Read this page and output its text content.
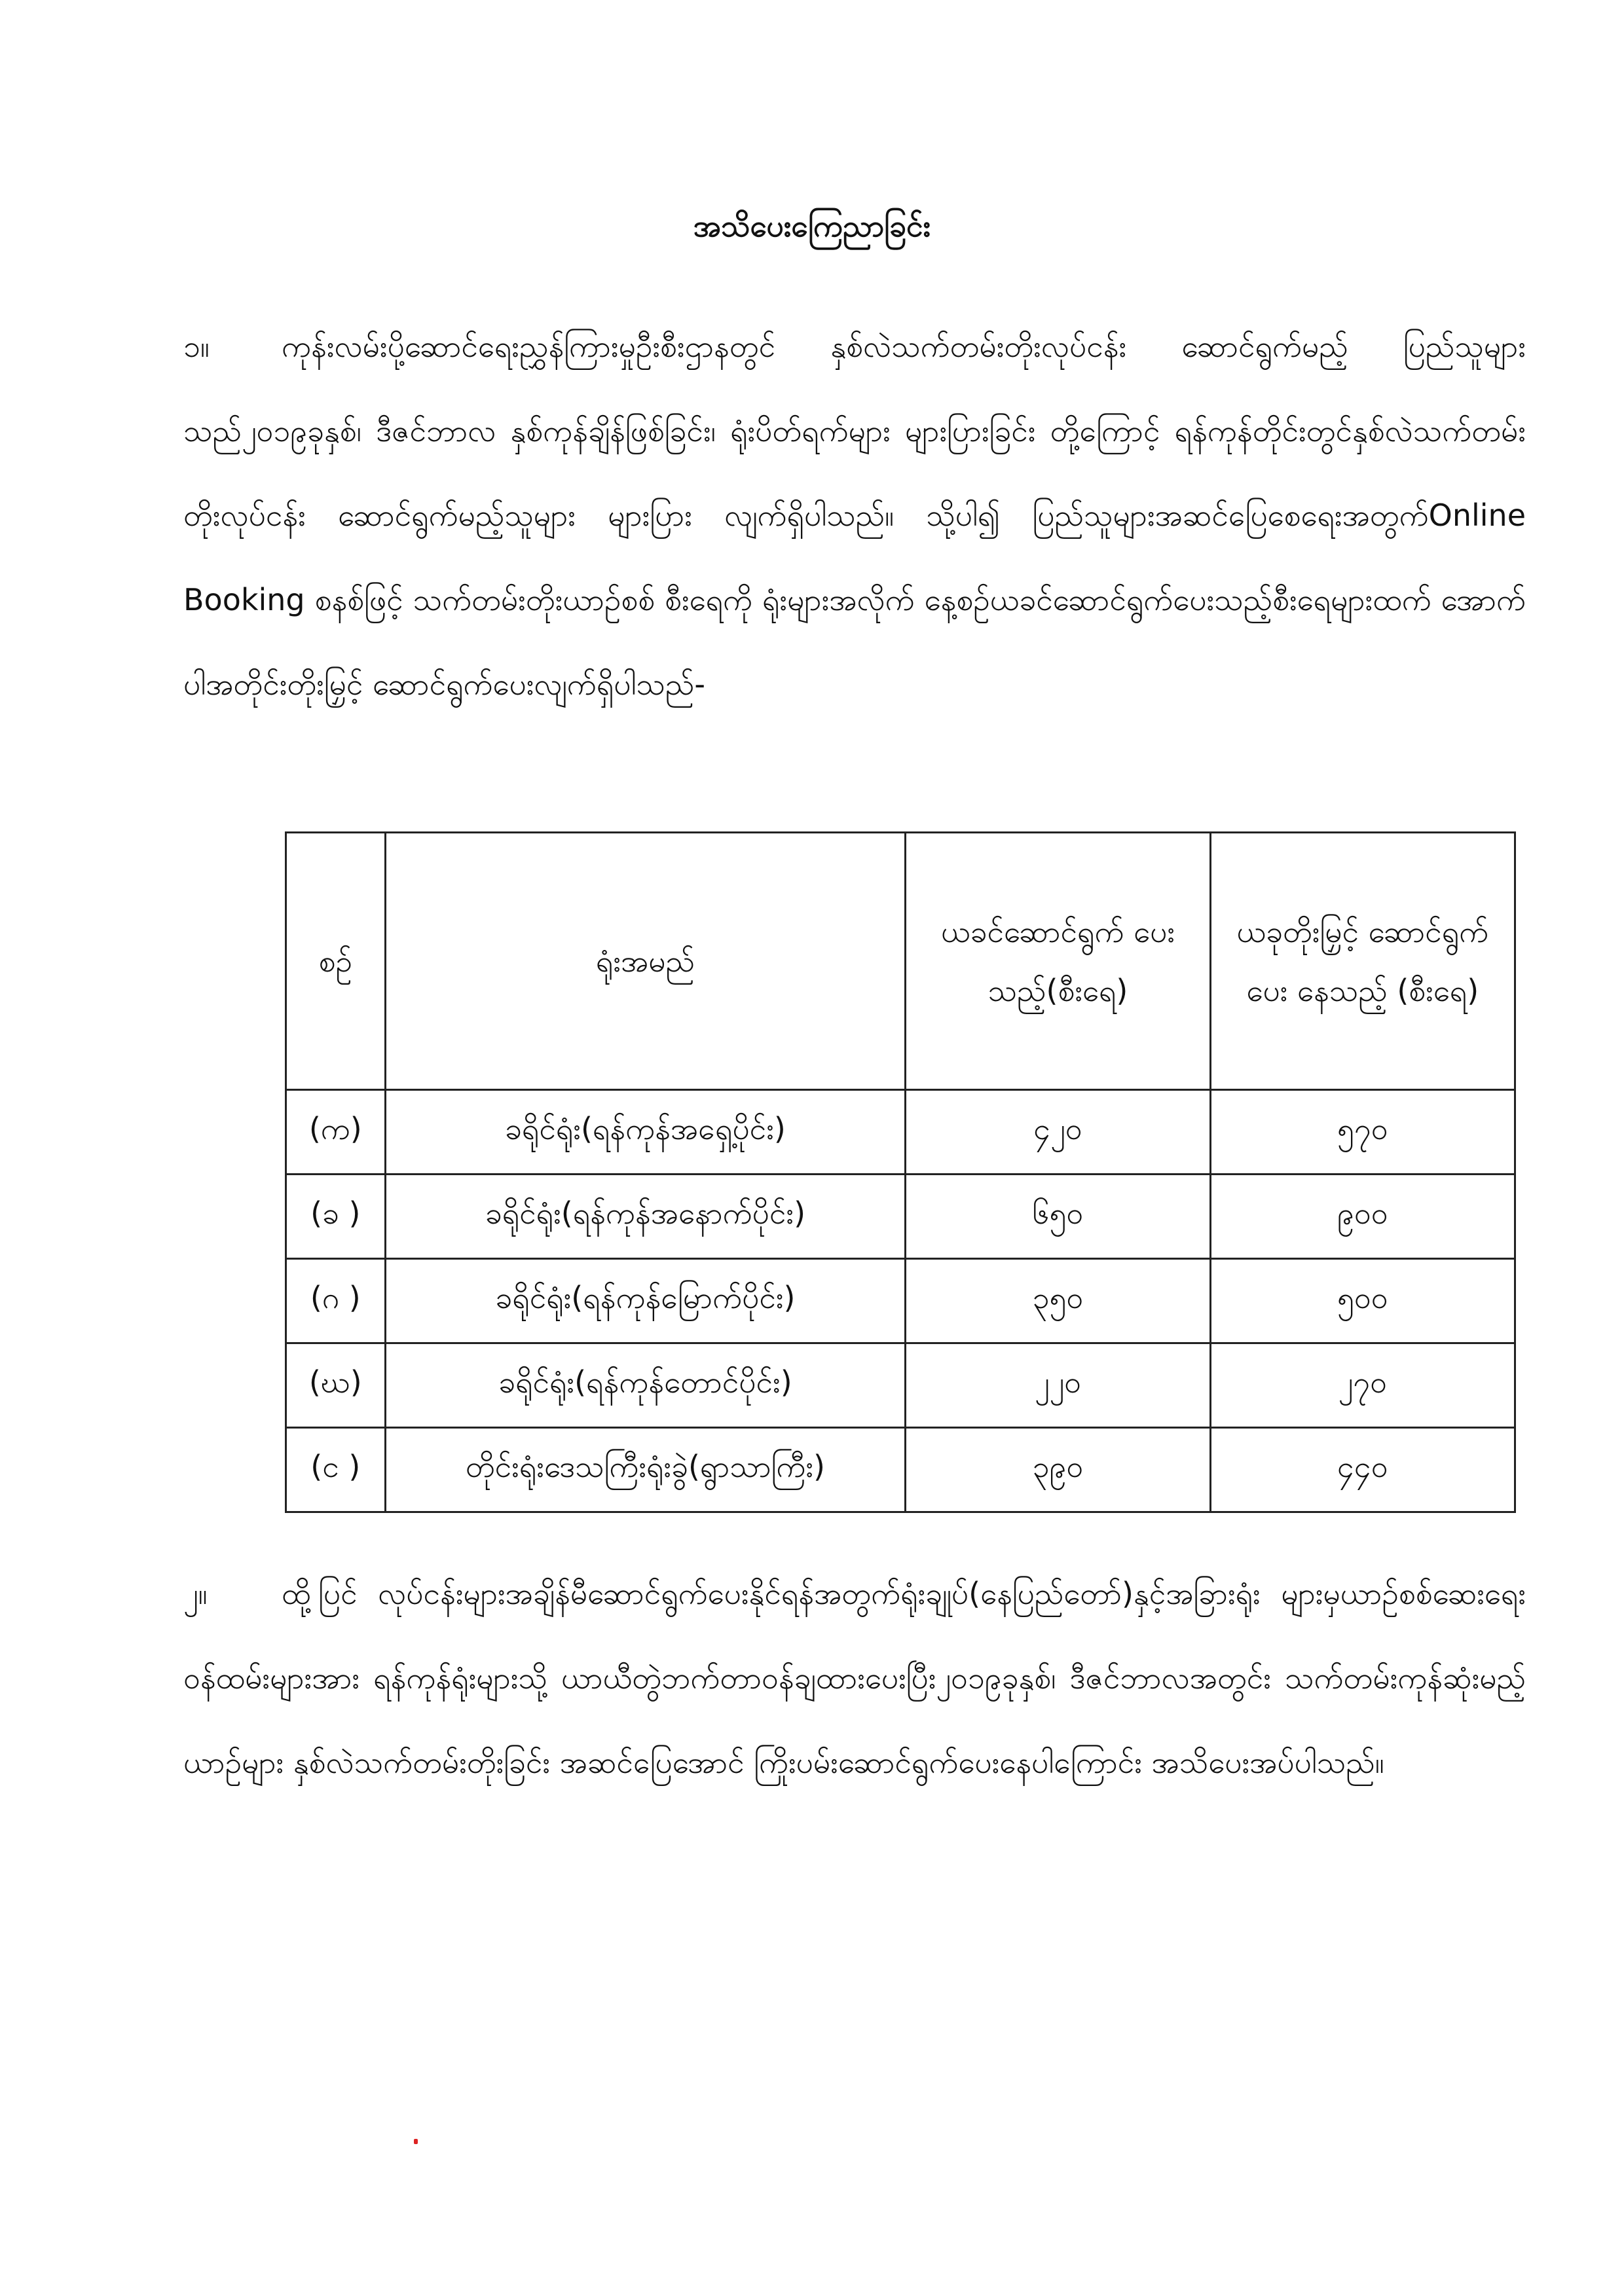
အသိပေးကြေညာခြင်း
၁။ ကုန်းလမ်းပို့ဆောင်ရေးညွှန်ကြားမှုဦးစီးဌာနတွင် နှစ်လဲသက်တမ်းတိုးလုပ်ငန်း ဆောင်ရွက်မည့် ပြည်သူများသည်၂၀၁၉ခုနှစ်၊ ဒီဇင်ဘာလ နှစ်ကုန်ချိန်ဖြစ်ခြင်း၊ ရုံးပိတ်ရက်များ များပြားခြင်း တို့ကြောင့် ရန်ကုန်တိုင်းတွင်နှစ်လဲသက်တမ်းတိုးလုပ်ငန်း ဆောင်ရွက်မည့်သူများ များပြား လျက်ရှိပါသည်။ သို့ပါ၍ ပြည်သူများအဆင်ပြေစေရေးအတွက်Online Booking စနစ်ဖြင့် သက်တမ်းတိုးယာဉ်စစ် စီးရေကို ရုံးများအလိုက် နေ့စဉ်ယခင်ဆောင်ရွက်ပေးသည့်စီးရေများထက် အောက်ပါအတိုင်းတိုးမြှင့် ဆောင်ရွက်ပေးလျက်ရှိပါသည်-
စဉ်	ရုံးအမည်	ယခင်ဆောင်ရွက် ပေးသည့်(စီးရေ)	ယခုတိုးမြှင့် ဆောင်ရွက်ပေး နေသည့် (စီးရေ)
(က)	ခရိုင်ရုံး(ရန်ကုန်အရှေ့ပိုင်း)	၄၂၀	၅၇၀
(ခ )	ခရိုင်ရုံး(ရန်ကုန်အနောက်ပိုင်း)	၆၅၀	၉၀၀
(ဂ )	ခရိုင်ရုံး(ရန်ကုန်မြောက်ပိုင်း)	၃၅၀	၅၀၀
(ဃ)	ခရိုင်ရုံး(ရန်ကုန်တောင်ပိုင်း)	၂၂၀	၂၇၀
(င )	တိုင်းရုံးဒေသကြီးရုံးခွဲ(ရွာသာကြီး)	၃၉၀	၄၄၀
၂။ ထို့ပြင် လုပ်ငန်းများအချိန်မီဆောင်ရွက်ပေးနိုင်ရန်အတွက်ရုံးချုပ်(နေပြည်တော်)နှင့်အခြားရုံး များမှယာဉ်စစ်ဆေးရေးဝန်ထမ်းများအား ရန်ကုန်ရုံးများသို့ ယာယီတွဲဘက်တာဝန်ချထားပေးပြီး၂၀၁၉ခုနှစ်၊ ဒီဇင်ဘာလအတွင်း သက်တမ်းကုန်ဆုံးမည့်ယာဉ်များ နှစ်လဲသက်တမ်းတိုးခြင်း အဆင်ပြေအောင် ကြိုးပမ်းဆောင်ရွက်ပေးနေပါကြောင်း အသိပေးအပ်ပါသည်။
